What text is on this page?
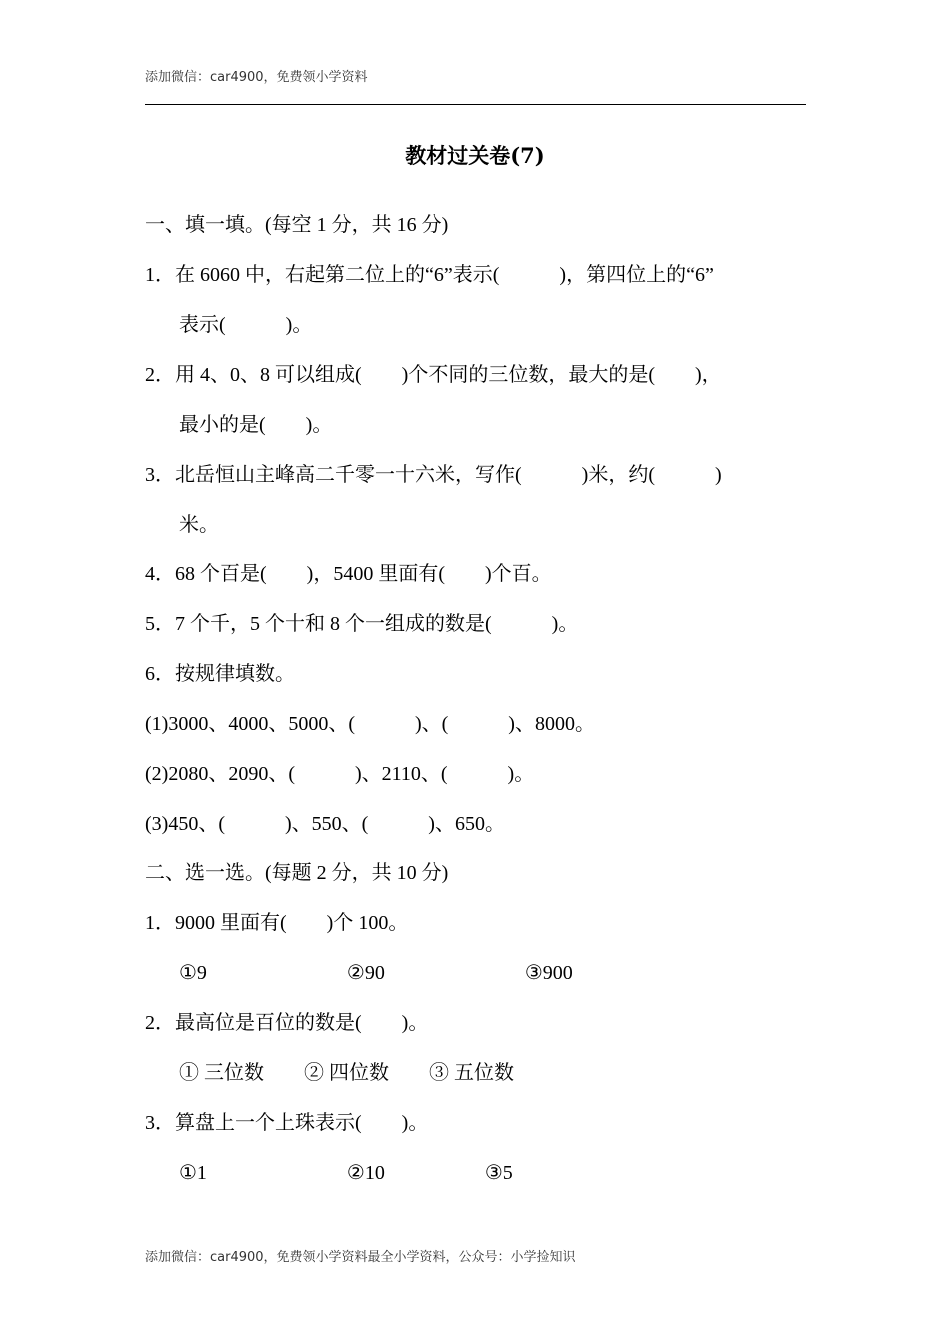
添加微信：car4900，免费领小学资料
教材过关卷(7)
一、填一填。(每空 1 分，共 16 分)
1．在 6060 中，右起第二位上的“6”表示(　　　)，第四位上的“6”
表示(　　　)。
2．用 4、0、8 可以组成(　　)个不同的三位数，最大的是(　　)，
最小的是(　　)。
3．北岳恒山主峰高二千零一十六米，写作(　　　)米，约(　　　)
米。
4．68 个百是(　　)，5400 里面有(　　)个百。
5．7 个千，5 个十和 8 个一组成的数是(　　　)。
6．按规律填数。
(1)3000、4000、5000、(　　　)、(　　　)、8000。
(2)2080、2090、(　　　)、2110、(　　　)。
(3)450、(　　　)、550、(　　　)、650。
二、选一选。(每题 2 分，共 10 分)
1．9000 里面有(　　)个 100。
①9　　　　　　　②90　　　　　　　③900
2．最高位是百位的数是(　　)。
① 三位数　　② 四位数　　③ 五位数
3．算盘上一个上珠表示(　　)。
①1　　　　　　　②10　　　　　③5
添加微信：car4900，免费领小学资料最全小学资料，公众号：小学捡知识
